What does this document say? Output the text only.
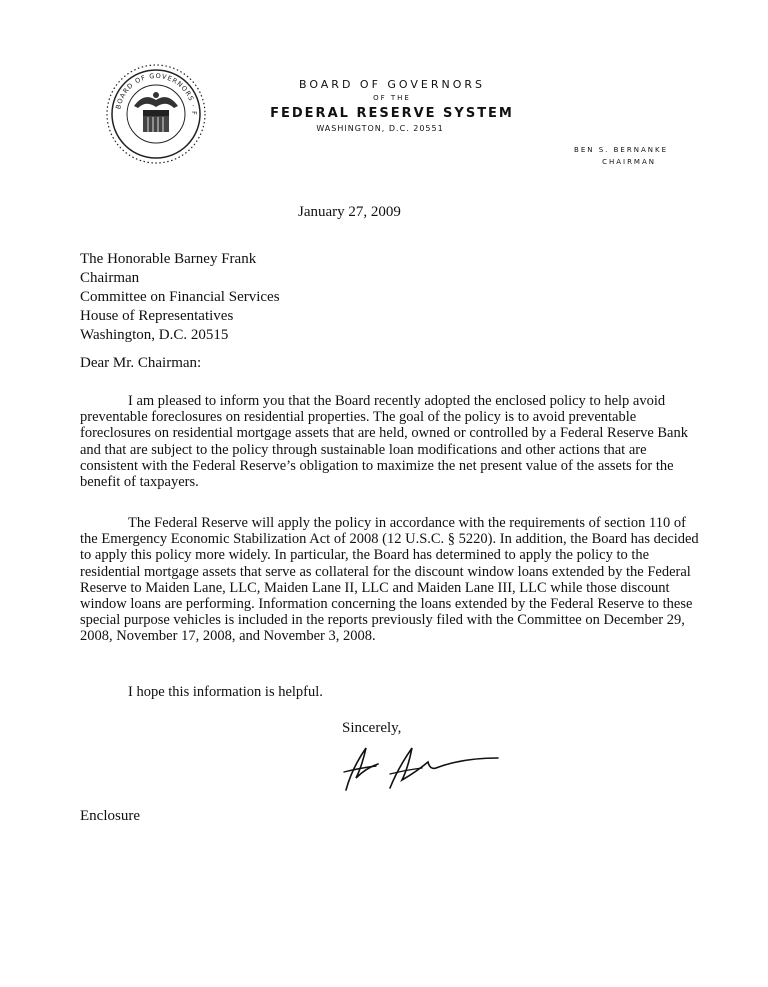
BOARD OF GOVERNORS · F
BOARD OF GOVERNORS
OF THE
FEDERAL RESERVE SYSTEM
WASHINGTON, D.C. 20551
BEN S. BERNANKE
CHAIRMAN
January 27, 2009
The Honorable Barney Frank
Chairman
Committee on Financial Services
House of Representatives
Washington, D.C. 20515
Dear Mr. Chairman:

I am pleased to inform you that the Board recently adopted the enclosed policy to help avoid preventable foreclosures on residential properties. The goal of the policy is to avoid preventable foreclosures on residential mortgage assets that are held, owned or controlled by a Federal Reserve Bank and that are subject to the policy through sustainable loan modifications and other actions that are consistent with the Federal Reserve’s obligation to maximize the net present value of the assets for the benefit of taxpayers.

The Federal Reserve will apply the policy in accordance with the requirements of section 110 of the Emergency Economic Stabilization Act of 2008 (12 U.S.C. § 5220). In addition, the Board has decided to apply this policy more widely. In particular, the Board has determined to apply the policy to the residential mortgage assets that serve as collateral for the discount window loans extended by the Federal Reserve to Maiden Lane, LLC, Maiden Lane II, LLC and Maiden Lane III, LLC while those discount window loans are performing. Information concerning the loans extended by the Federal Reserve to these special purpose vehicles is included in the reports previously filed with the Committee on December 29, 2008, November 17, 2008, and November 3, 2008.

I hope this information is helpful.

Sincerely,
Enclosure
